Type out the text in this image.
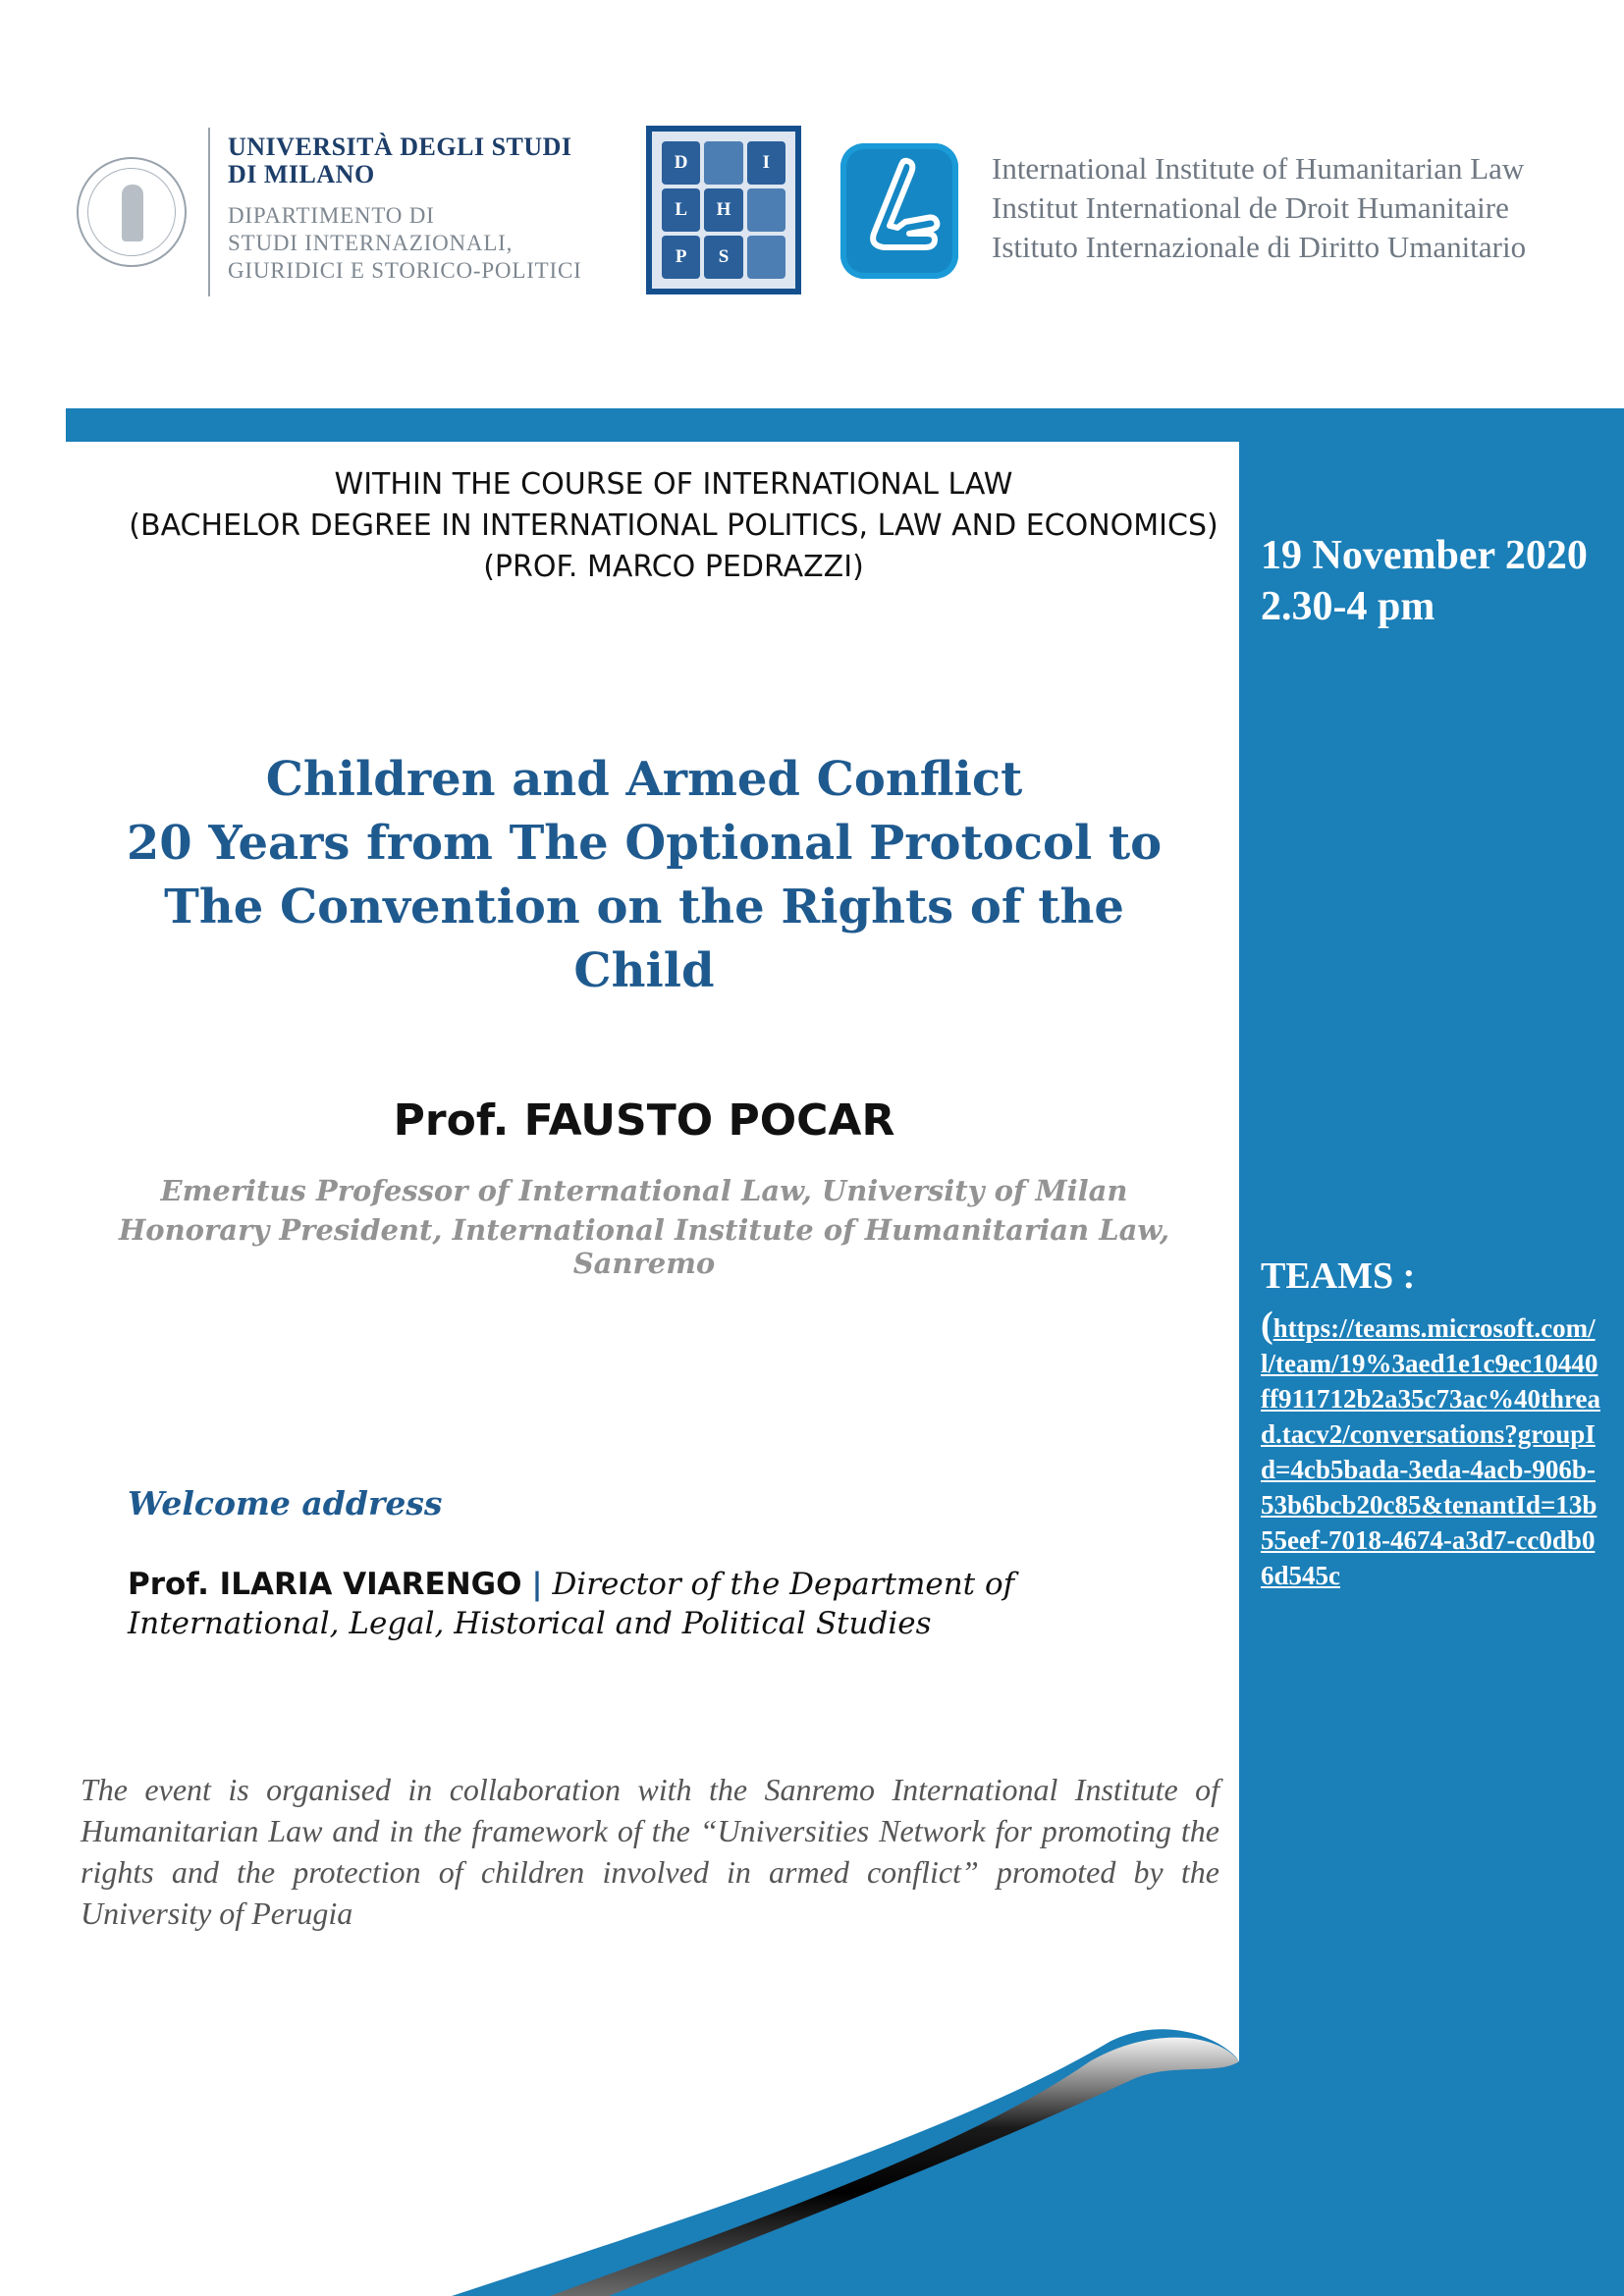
UNIVERSITÀ DEGLI STUDI
DI MILANO
DIPARTIMENTO DI
STUDI INTERNAZIONALI,
GIURIDICI E STORICO-POLITICI
D	I
L	H
P	S
International Institute of Humanitarian Law
Institut International de Droit Humanitaire
Istituto Internazionale di Diritto Umanitario
WITHIN THE COURSE OF INTERNATIONAL LAW
(BACHELOR DEGREE IN INTERNATIONAL POLITICS, LAW AND ECONOMICS)
(PROF. MARCO PEDRAZZI)
Children and Armed Conflict
20 Years from The Optional Protocol to
The Convention on the Rights of the Child
Prof. FAUSTO POCAR
Emeritus Professor of International Law, University of Milan
Honorary President, International Institute of Humanitarian Law, Sanremo
Welcome address
Prof. ILARIA VIARENGO | Director of the Department of International, Legal, Historical and Political Studies
The event is organised in collaboration with the Sanremo International Institute of Humanitarian Law and in the framework of the “Universities Network for promoting the rights and the protection of children involved in armed conflict” promoted by the University of Perugia
19 November 2020
2.30-4 pm
TEAMS :
(https://teams.microsoft.com/l/team/19%3aed1e1c9ec10440ff911712b2a35c73ac%40thread.tacv2/conversations?groupId=4cb5bada-3eda-4acb-906b-53b6bcb20c85&tenantId=13b55eef-7018-4674-a3d7-cc0db06d545c
